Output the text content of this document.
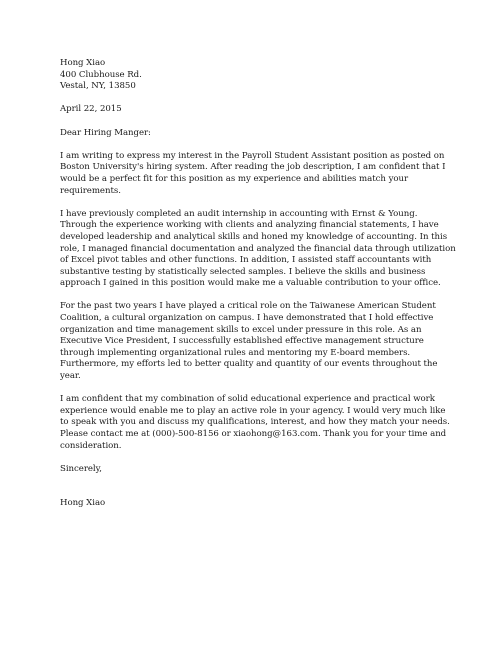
Hong Xiao
400 Clubhouse Rd.
Vestal, NY, 13850
April 22, 2015
Dear Hiring Manger:
I am writing to express my interest in the Payroll Student Assistant position as posted on
Boston University's hiring system. After reading the job description, I am confident that I
would be a perfect fit for this position as my experience and abilities match your
requirements.
I have previously completed an audit internship in accounting with Ernst & Young.
Through the experience working with clients and analyzing financial statements, I have
developed leadership and analytical skills and honed my knowledge of accounting. In this
role, I managed financial documentation and analyzed the financial data through utilization
of Excel pivot tables and other functions. In addition, I assisted staff accountants with
substantive testing by statistically selected samples. I believe the skills and business
approach I gained in this position would make me a valuable contribution to your office.
For the past two years I have played a critical role on the Taiwanese American Student
Coalition, a cultural organization on campus. I have demonstrated that I hold effective
organization and time management skills to excel under pressure in this role. As an
Executive Vice President, I successfully established effective management structure
through implementing organizational rules and mentoring my E-board members.
Furthermore, my efforts led to better quality and quantity of our events throughout the
year.
I am confident that my combination of solid educational experience and practical work
experience would enable me to play an active role in your agency. I would very much like
to speak with you and discuss my qualifications, interest, and how they match your needs.
Please contact me at (000)-500-8156 or xiaohong@163.com. Thank you for your time and
consideration.
Sincerely,
Hong Xiao
